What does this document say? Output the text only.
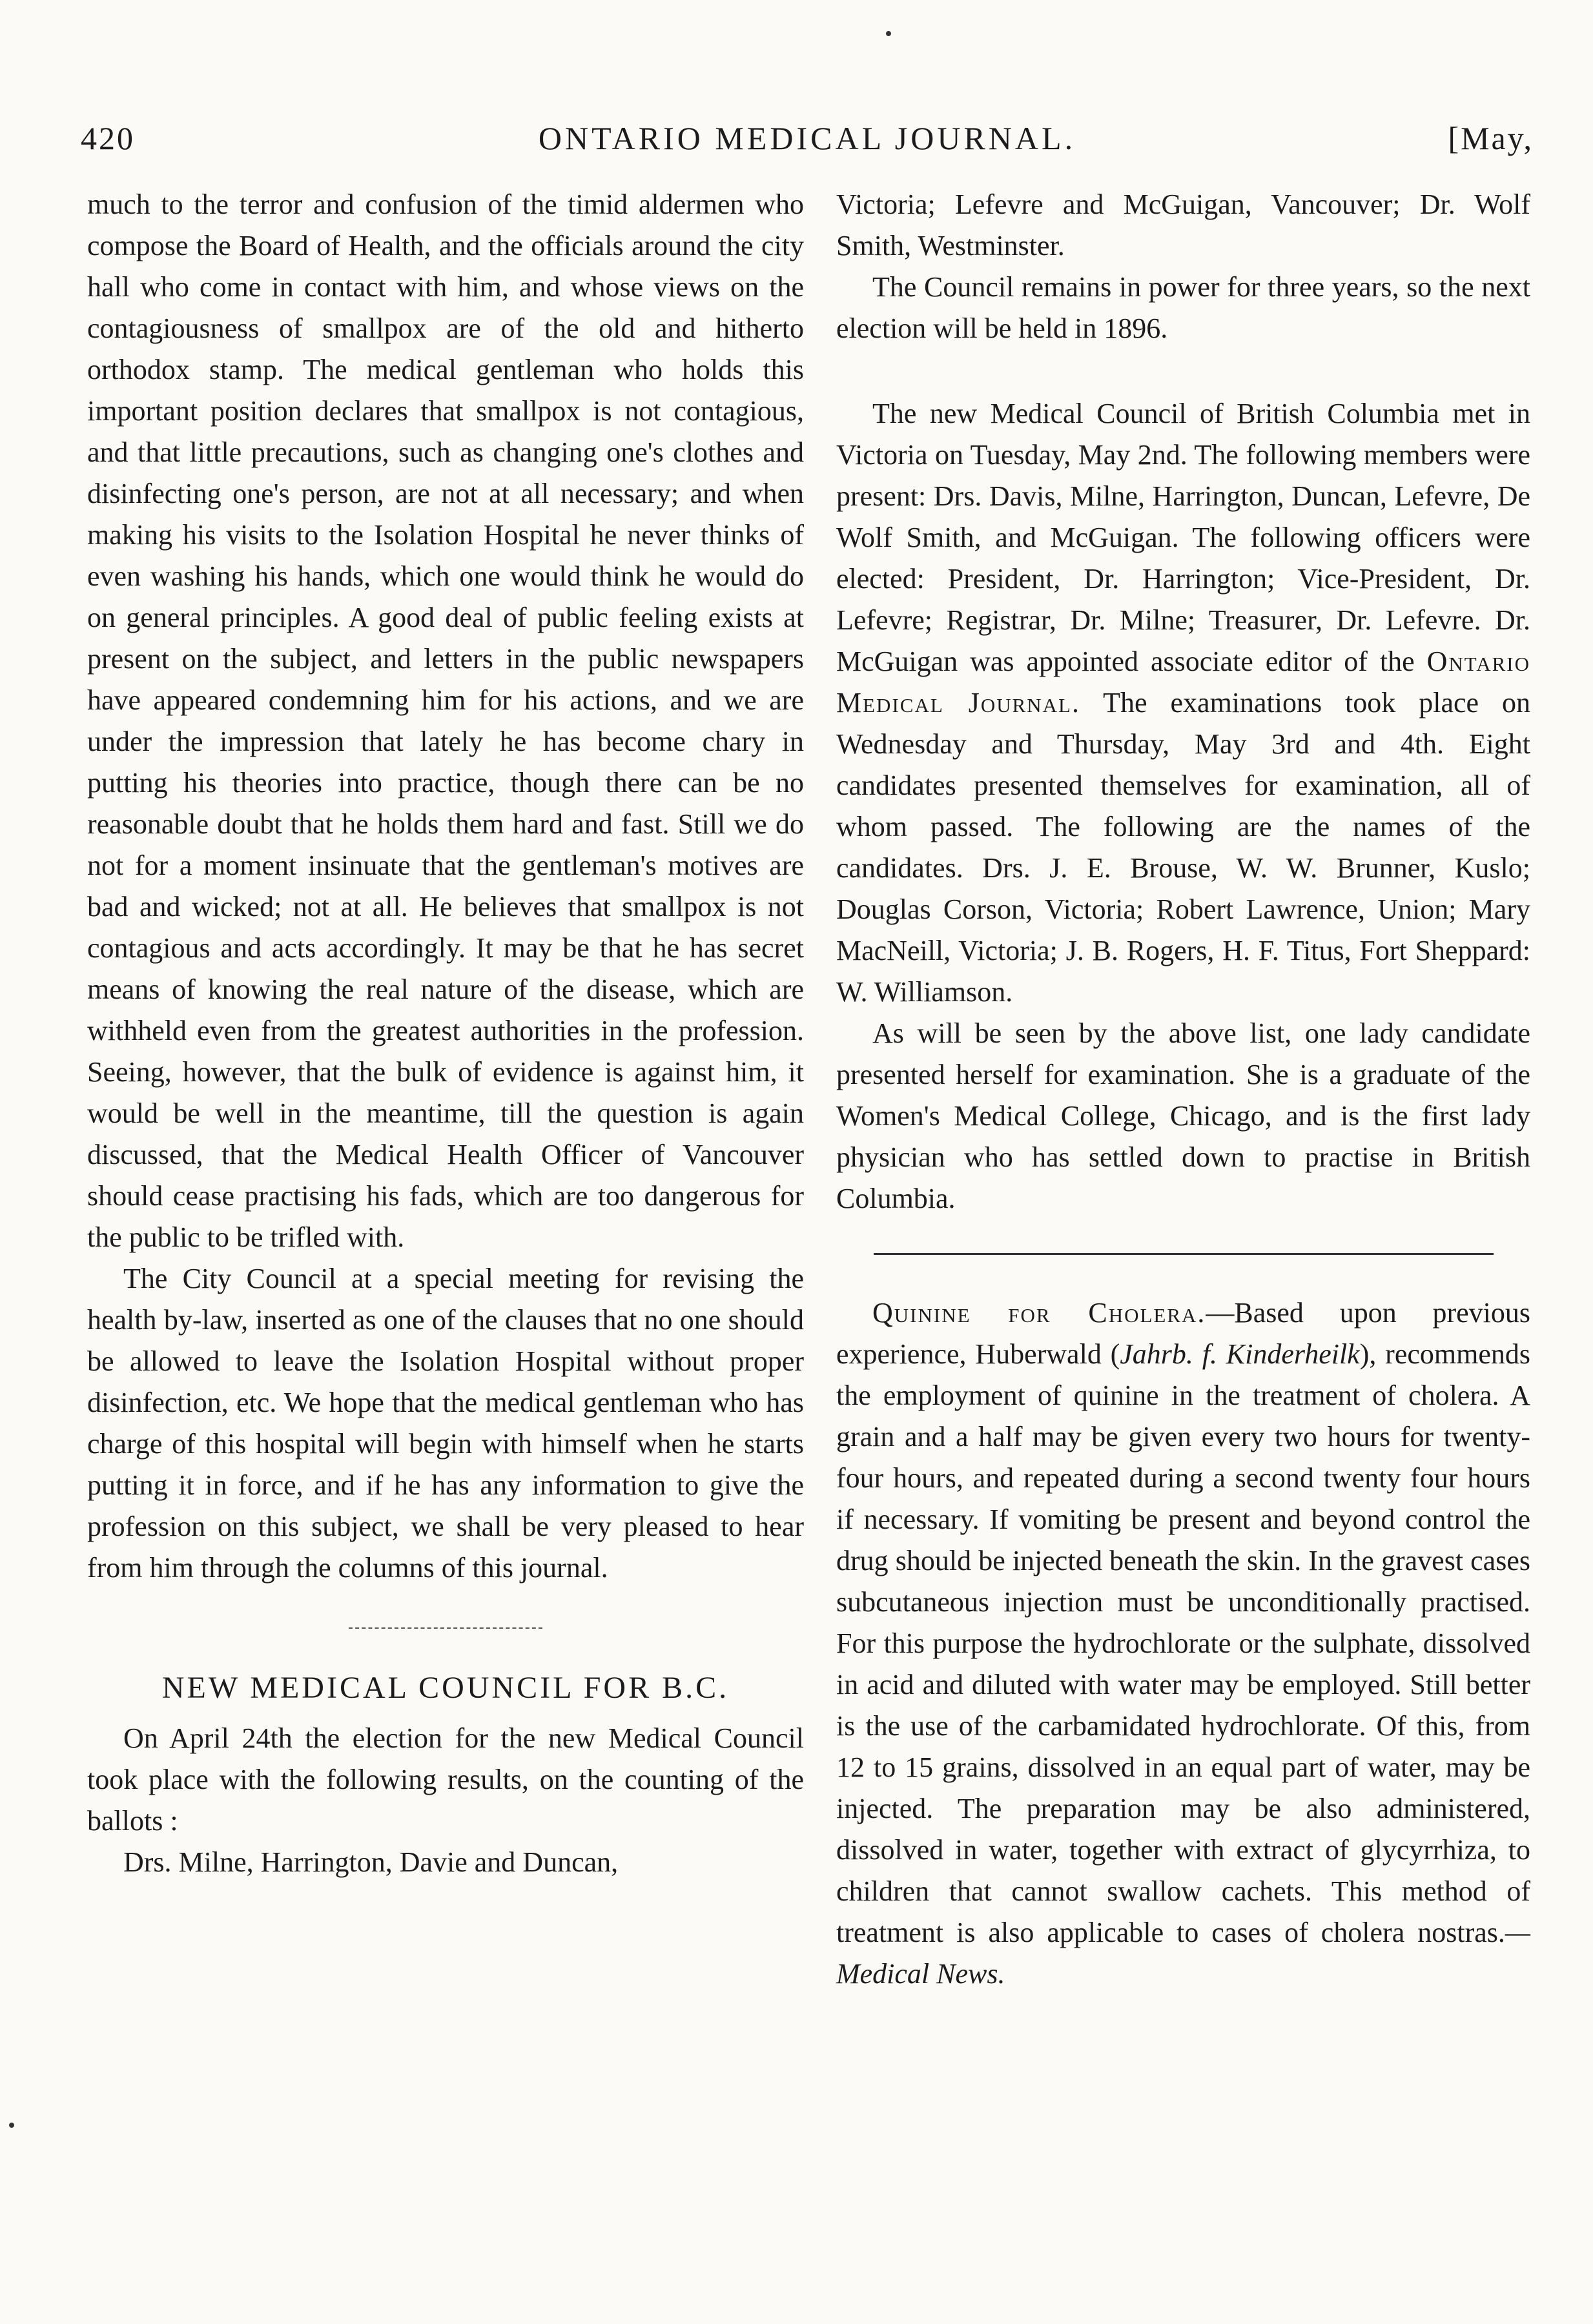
420	ONTARIO MEDICAL JOURNAL.	[May,

much to the terror and confusion of the timid aldermen who compose the Board of Health, and the officials around the city hall who come in contact with him, and whose views on the contagiousness of smallpox are of the old and hitherto orthodox stamp. The medical gentleman who holds this important position declares that smallpox is not contagious, and that little precautions, such as changing one's clothes and disinfecting one's person, are not at all necessary; and when making his visits to the Isolation Hospital he never thinks of even washing his hands, which one would think he would do on general principles. A good deal of public feeling exists at present on the subject, and letters in the public newspapers have appeared condemning him for his actions, and we are under the impression that lately he has become chary in putting his theories into practice, though there can be no reasonable doubt that he holds them hard and fast. Still we do not for a moment insinuate that the gentleman's motives are bad and wicked; not at all. He believes that smallpox is not contagious and acts accordingly. It may be that he has secret means of knowing the real nature of the disease, which are withheld even from the greatest authorities in the profession. Seeing, however, that the bulk of evidence is against him, it would be well in the meantime, till the question is again discussed, that the Medical Health Officer of Vancouver should cease practising his fads, which are too dangerous for the public to be trifled with.

The City Council at a special meeting for revising the health by-law, inserted as one of the clauses that no one should be allowed to leave the Isolation Hospital without proper disinfection, etc. We hope that the medical gentleman who has charge of this hospital will begin with himself when he starts putting it in force, and if he has any information to give the profession on this subject, we shall be very pleased to hear from him through the columns of this journal.

NEW MEDICAL COUNCIL FOR B.C.

On April 24th the election for the new Medical Council took place with the following results, on the counting of the ballots :

Drs. Milne, Harrington, Davie and Duncan,

Victoria; Lefevre and McGuigan, Vancouver; Dr. Wolf Smith, Westminster.

The Council remains in power for three years, so the next election will be held in 1896.

The new Medical Council of British Columbia met in Victoria on Tuesday, May 2nd. The following members were present: Drs. Davis, Milne, Harrington, Duncan, Lefevre, De Wolf Smith, and McGuigan. The following officers were elected: President, Dr. Harrington; Vice-President, Dr. Lefevre; Registrar, Dr. Milne; Treasurer, Dr. Lefevre. Dr. McGuigan was appointed associate editor of the Ontario Medical Journal. The examinations took place on Wednesday and Thursday, May 3rd and 4th. Eight candidates presented themselves for examination, all of whom passed. The following are the names of the candidates. Drs. J. E. Brouse, W. W. Brunner, Kuslo; Douglas Corson, Victoria; Robert Lawrence, Union; Mary MacNeill, Victoria; J. B. Rogers, H. F. Titus, Fort Sheppard: W. Williamson.

As will be seen by the above list, one lady candidate presented herself for examination. She is a graduate of the Women's Medical College, Chicago, and is the first lady physician who has settled down to practise in British Columbia.

Quinine for Cholera.—Based upon previous experience, Huberwald (Jahrb. f. Kinderheilk), recommends the employment of quinine in the treatment of cholera. A grain and a half may be given every two hours for twenty-four hours, and repeated during a second twenty four hours if necessary. If vomiting be present and beyond control the drug should be injected beneath the skin. In the gravest cases subcutaneous injection must be unconditionally practised. For this purpose the hydrochlorate or the sulphate, dissolved in acid and diluted with water may be employed. Still better is the use of the carbamidated hydrochlorate. Of this, from 12 to 15 grains, dissolved in an equal part of water, may be injected. The preparation may be also administered, dissolved in water, together with extract of glycyrrhiza, to children that cannot swallow cachets. This method of treatment is also applicable to cases of cholera nostras.—Medical News.
